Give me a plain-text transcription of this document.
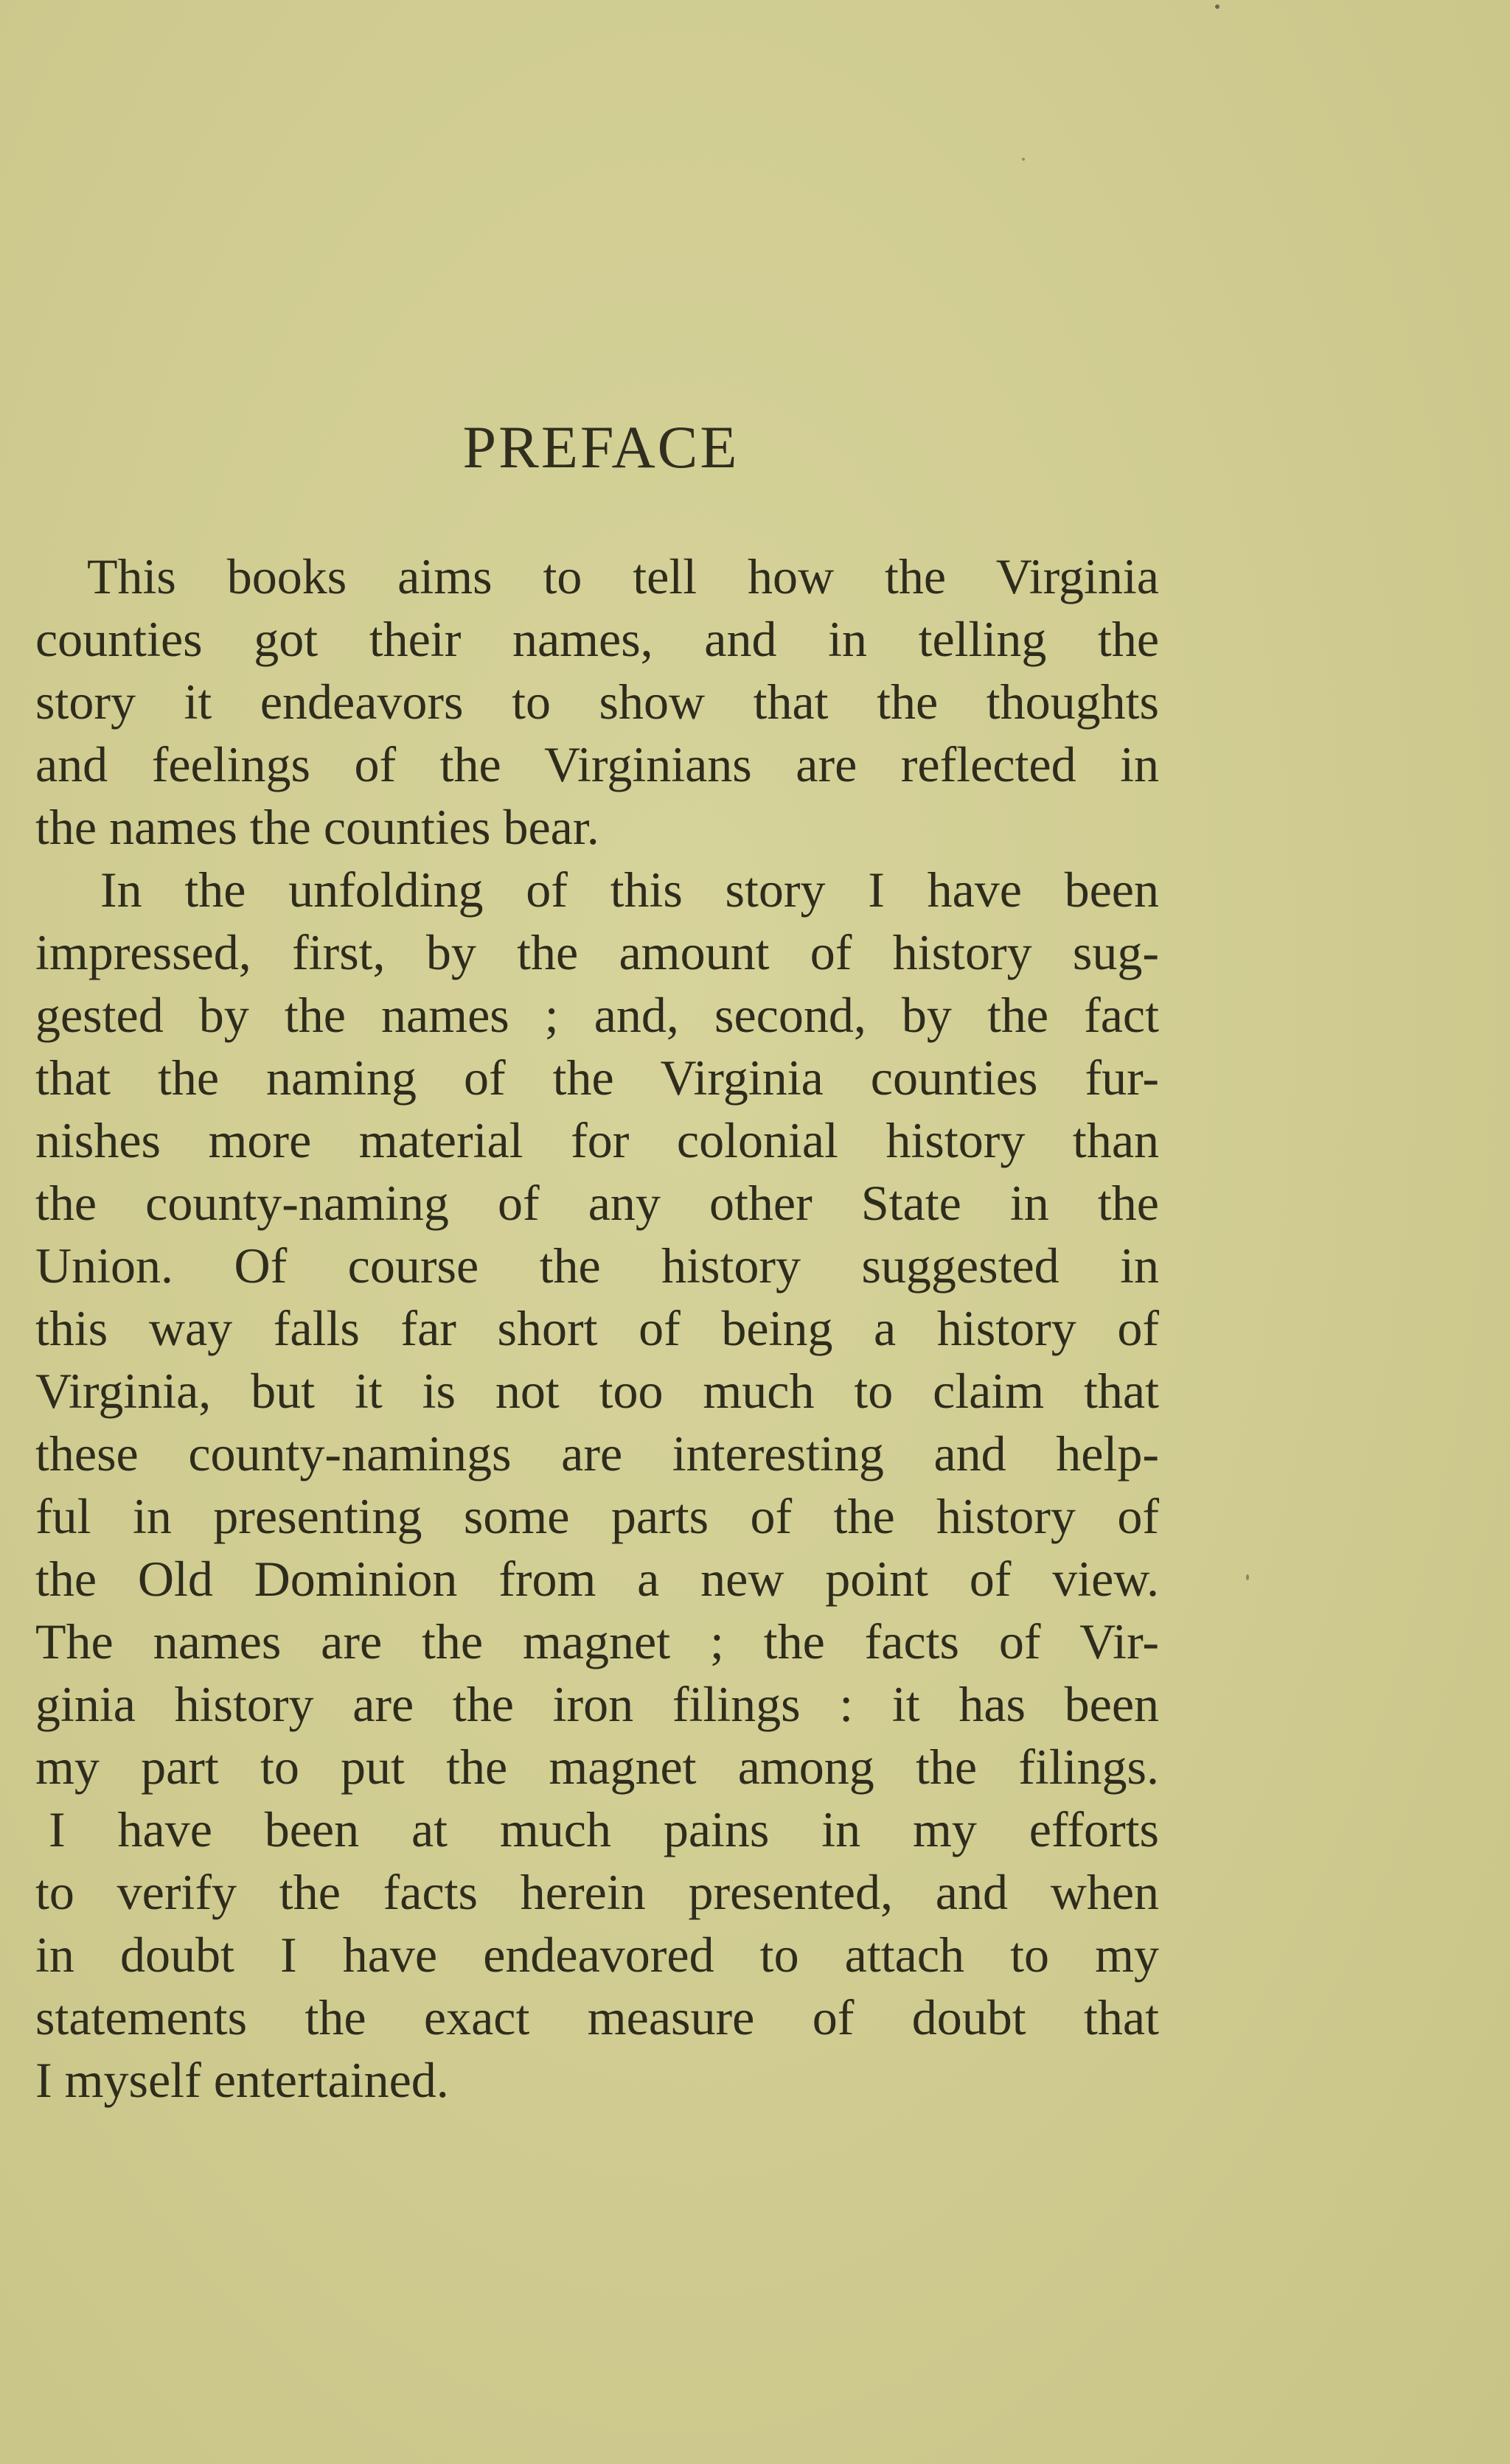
PREFACE
This books aims to tell how the Virginia
counties got their names, and in telling the
story it endeavors to show that the thoughts
and feelings of the Virginians are reflected in
the names the counties bear.
In the unfolding of this story I have been
impressed, first, by the amount of history sug-
gested by the names ; and, second, by the fact
that the naming of the Virginia counties fur-
nishes more material for colonial history than
the county-naming of any other State in the
Union. Of course the history suggested in
this way falls far short of being a history of
Virginia, but it is not too much to claim that
these county-namings are interesting and help-
ful in presenting some parts of the history of
the Old Dominion from a new point of view.
The names are the magnet ; the facts of Vir-
ginia history are the iron filings : it has been
my part to put the magnet among the filings.
I have been at much pains in my efforts
to verify the facts herein presented, and when
in doubt I have endeavored to attach to my
statements the exact measure of doubt that
I myself entertained.
